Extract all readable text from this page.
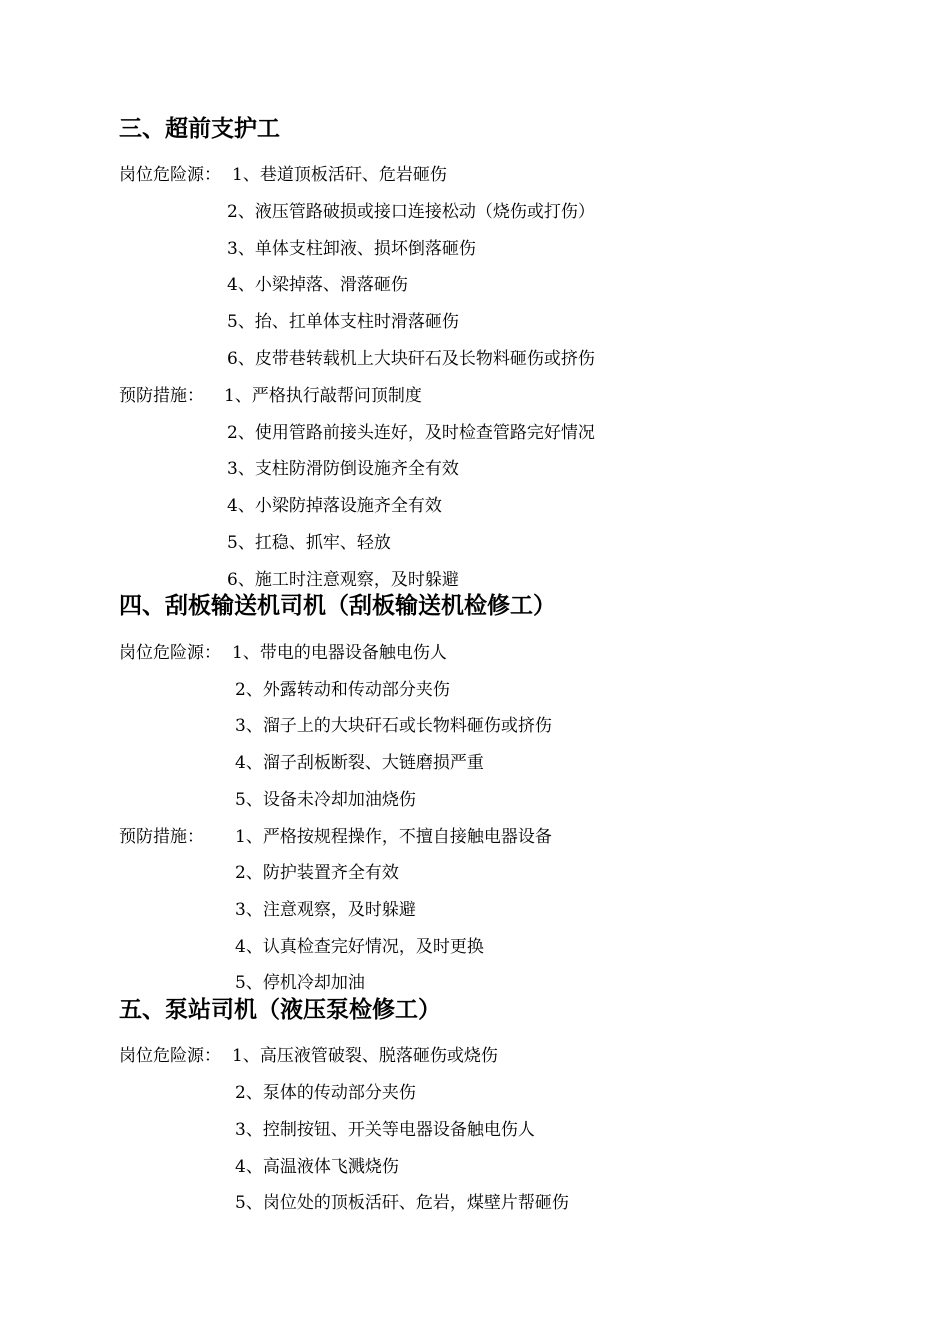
三、超前支护工

岗位危险源： 1、巷道顶板活矸、危岩砸伤

2、液压管路破损或接口连接松动（烧伤或打伤）

3、单体支柱卸液、损坏倒落砸伤

4、小梁掉落、滑落砸伤

5、抬、扛单体支柱时滑落砸伤

6、皮带巷转载机上大块矸石及长物料砸伤或挤伤

预防措施： 1、严格执行敲帮问顶制度

2、使用管路前接头连好，及时检查管路完好情况

3、支柱防滑防倒设施齐全有效

4、小梁防掉落设施齐全有效

5、扛稳、抓牢、轻放

6、施工时注意观察，及时躲避

四、刮板输送机司机（刮板输送机检修工）

岗位危险源： 1、带电的电器设备触电伤人

2、外露转动和传动部分夹伤

3、溜子上的大块矸石或长物料砸伤或挤伤

4、溜子刮板断裂、大链磨损严重

5、设备未冷却加油烧伤

预防措施： 1、严格按规程操作，不擅自接触电器设备

2、防护装置齐全有效

3、注意观察，及时躲避

4、认真检查完好情况，及时更换

5、停机冷却加油

五、泵站司机（液压泵检修工）

岗位危险源： 1、高压液管破裂、脱落砸伤或烧伤

2、泵体的传动部分夹伤

3、控制按钮、开关等电器设备触电伤人

4、高温液体飞溅烧伤

5、岗位处的顶板活矸、危岩，煤壁片帮砸伤
